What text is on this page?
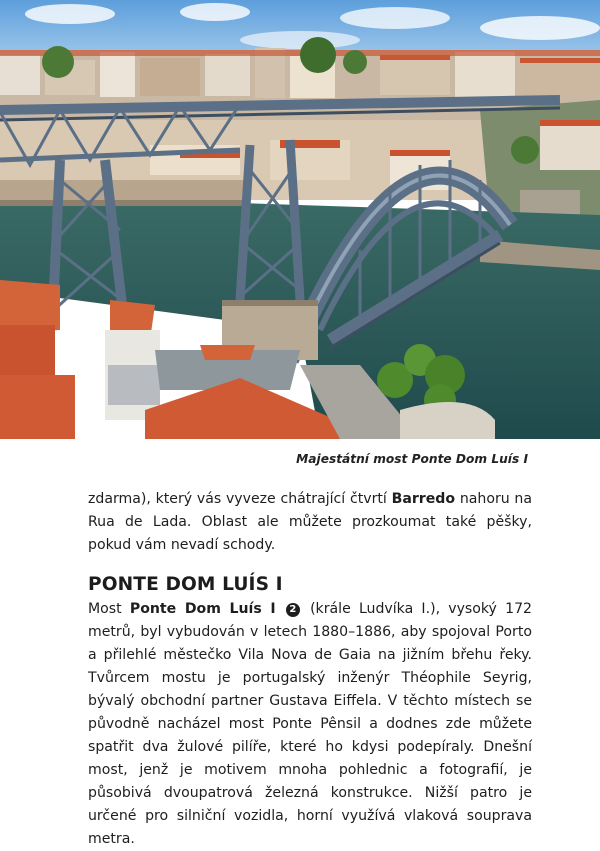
Majestátní most Ponte Dom Luís I

zdarma), který vás vyveze chátrající čtvrtí Barredo nahoru na Rua de Lada. Oblast ale můžete prozkoumat také pěšky, pokud vám nevadí schody.

PONTE DOM LUÍS I

Most Ponte Dom Luís I 2 (krále Ludvíka I.), vysoký 172 metrů, byl vybudován v letech 1880–1886, aby spojoval Porto a přilehlé městečko Vila Nova de Gaia na jižním břehu řeky. Tvůrcem mostu je portugalský inženýr Théophile Seyrig, bývalý obchodní partner Gustava Eiffela. V těchto místech se původně nacházel most Ponte Pênsil a dodnes zde můžete spatřit dva žulové pilíře, které ho kdysi podepíraly. Dnešní most, jenž je motivem mnoha pohlednic a fotografií, je působivá dvoupatrová železná konstrukce. Nižší patro je určené pro silniční vozidla, horní využívá vlaková souprava metra.
